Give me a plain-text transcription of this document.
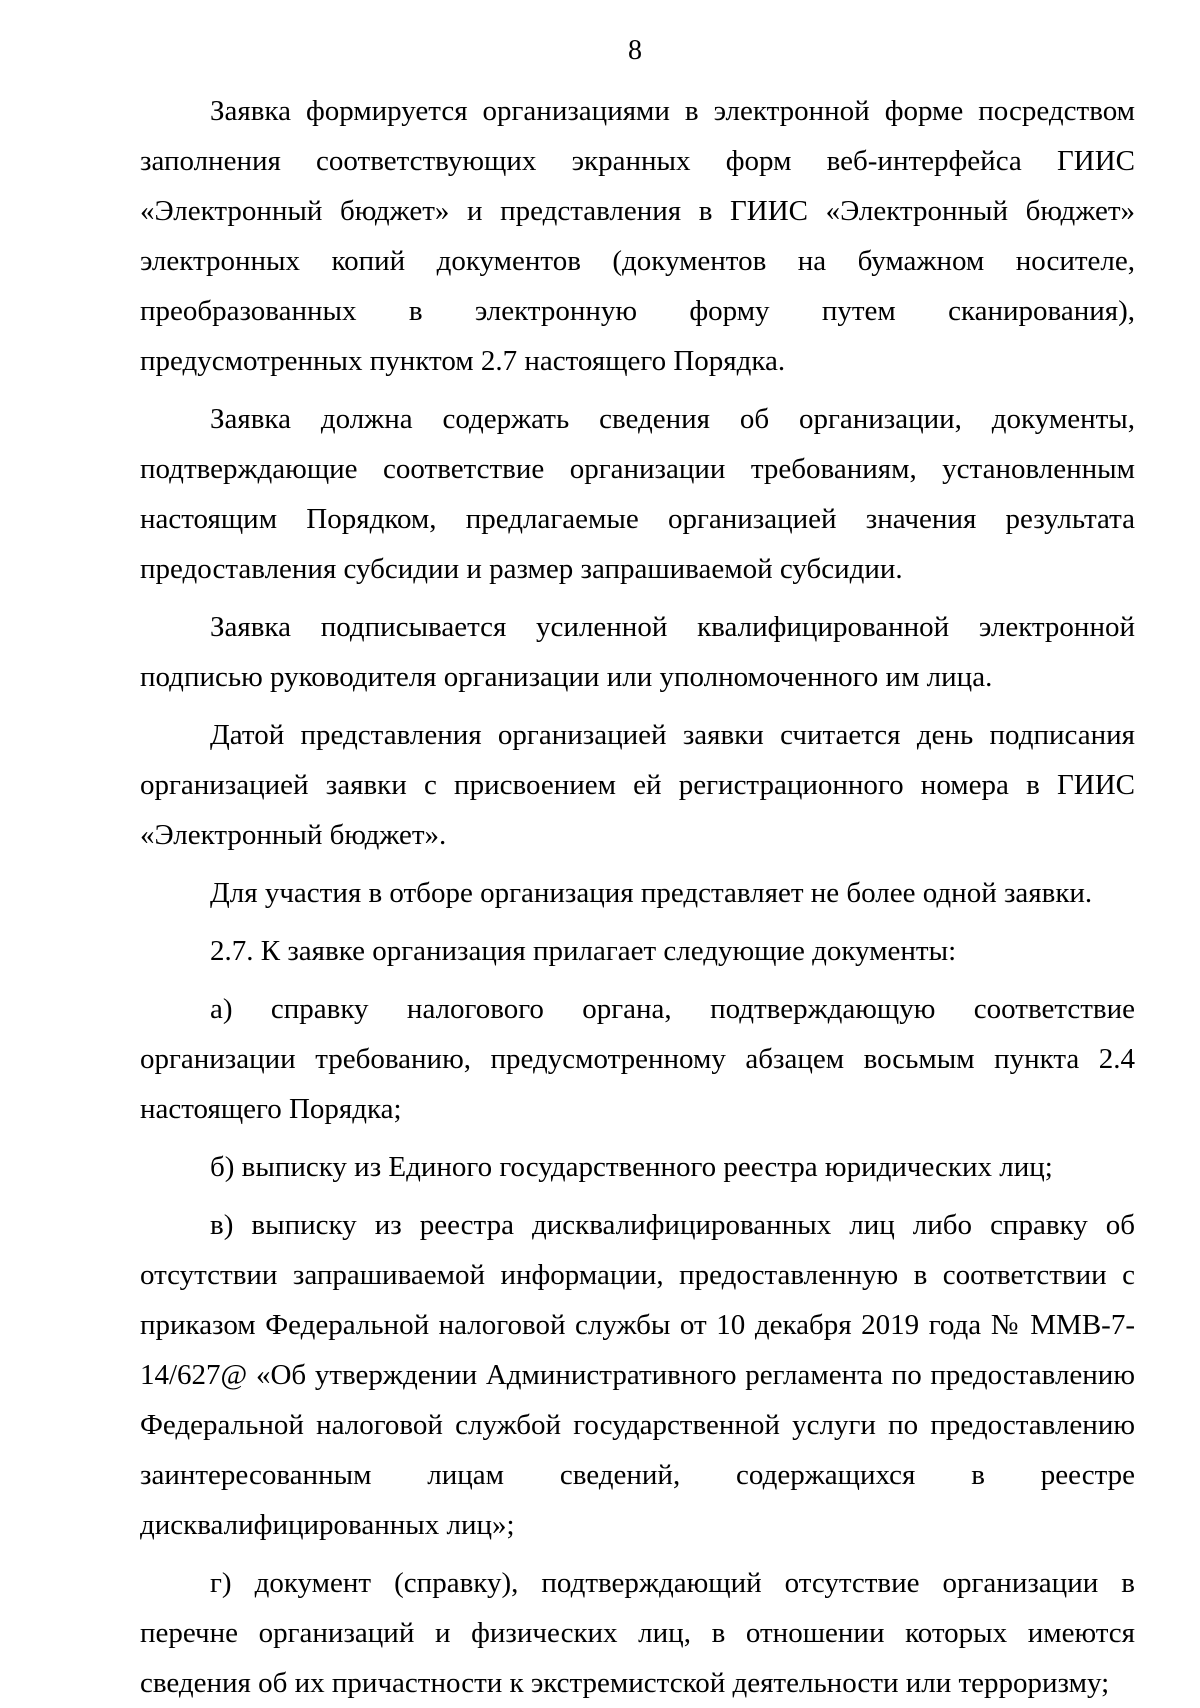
8

Заявка формируется организациями в электронной форме посредством заполнения соответствующих экранных форм веб-интерфейса ГИИС «Электронный бюджет» и представления в ГИИС «Электронный бюджет» электронных копий документов (документов на бумажном носителе, преобразованных в электронную форму путем сканирования), предусмотренных пунктом 2.7 настоящего Порядка.

Заявка должна содержать сведения об организации, документы, подтверждающие соответствие организации требованиям, установленным настоящим Порядком, предлагаемые организацией значения результата предоставления субсидии и размер запрашиваемой субсидии.

Заявка подписывается усиленной квалифицированной электронной подписью руководителя организации или уполномоченного им лица.

Датой представления организацией заявки считается день подписания организацией заявки с присвоением ей регистрационного номера в ГИИС «Электронный бюджет».

Для участия в отборе организация представляет не более одной заявки.

2.7. К заявке организация прилагает следующие документы:

а) справку налогового органа, подтверждающую соответствие организации требованию, предусмотренному абзацем восьмым пункта 2.4 настоящего Порядка;

б) выписку из Единого государственного реестра юридических лиц;

в) выписку из реестра дисквалифицированных лиц либо справку об отсутствии запрашиваемой информации, предоставленную в соответствии с приказом Федеральной налоговой службы от 10 декабря 2019 года № ММВ-7-14/627@ «Об утверждении Административного регламента по предоставлению Федеральной налоговой службой государственной услуги по предоставлению заинтересованным лицам сведений, содержащихся в реестре дисквалифицированных лиц»;

г) документ (справку), подтверждающий отсутствие организации в перечне организаций и физических лиц, в отношении которых имеются сведения об их причастности к экстремистской деятельности или терроризму;
